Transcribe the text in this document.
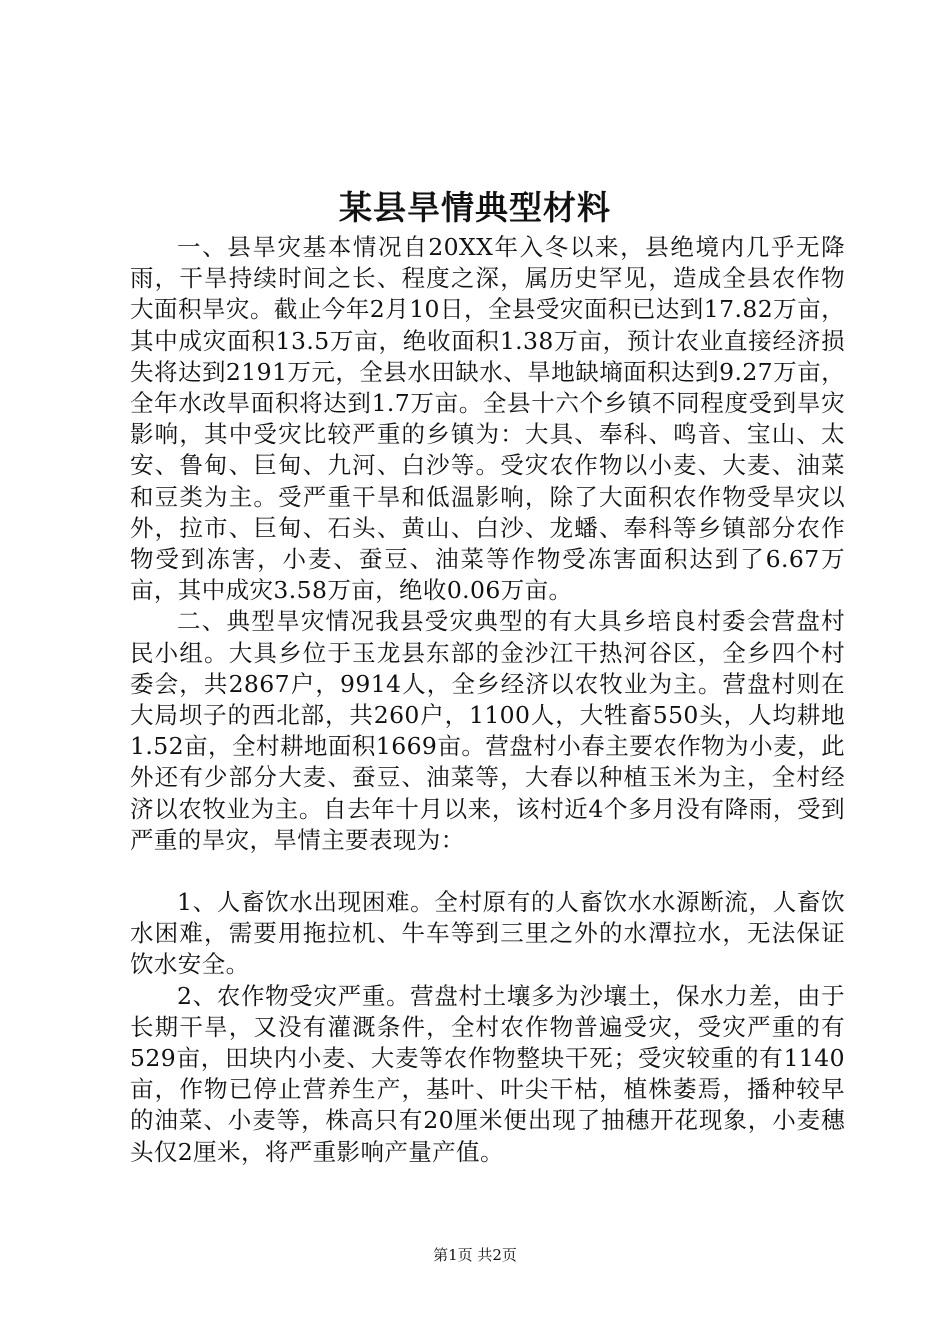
某县旱情典型材料

一、县旱灾基本情况自20XX年入冬以来，县绝境内几乎无降雨，干旱持续时间之长、程度之深，属历史罕见，造成全县农作物大面积旱灾。截止今年2月10日，全县受灾面积已达到17.82万亩，其中成灾面积13.5万亩，绝收面积1.38万亩，预计农业直接经济损失将达到2191万元，全县水田缺水、旱地缺墒面积达到9.27万亩，全年水改旱面积将达到1.7万亩。全县十六个乡镇不同程度受到旱灾影响，其中受灾比较严重的乡镇为：大具、奉科、鸣音、宝山、太安、鲁甸、巨甸、九河、白沙等。受灾农作物以小麦、大麦、油菜和豆类为主。受严重干旱和低温影响，除了大面积农作物受旱灾以外，拉市、巨甸、石头、黄山、白沙、龙蟠、奉科等乡镇部分农作物受到冻害，小麦、蚕豆、油菜等作物受冻害面积达到了6.67万亩，其中成灾3.58万亩，绝收0.06万亩。

二、典型旱灾情况我县受灾典型的有大具乡培良村委会营盘村民小组。大具乡位于玉龙县东部的金沙江干热河谷区，全乡四个村委会，共2867户，9914人，全乡经济以农牧业为主。营盘村则在大局坝子的西北部，共260户，1100人，大牲畜550头，人均耕地1.52亩，全村耕地面积1669亩。营盘村小春主要农作物为小麦，此外还有少部分大麦、蚕豆、油菜等，大春以种植玉米为主，全村经济以农牧业为主。自去年十月以来，该村近4个多月没有降雨，受到严重的旱灾，旱情主要表现为：

1、人畜饮水出现困难。全村原有的人畜饮水水源断流，人畜饮水困难，需要用拖拉机、牛车等到三里之外的水潭拉水，无法保证饮水安全。

2、农作物受灾严重。营盘村土壤多为沙壤土，保水力差，由于长期干旱，又没有灌溉条件，全村农作物普遍受灾，受灾严重的有529亩，田块内小麦、大麦等农作物整块干死；受灾较重的有1140亩，作物已停止营养生产，基叶、叶尖干枯，植株萎焉，播种较早的油菜、小麦等，株高只有20厘米便出现了抽穗开花现象，小麦穗头仅2厘米，将严重影响产量产值。

第1页 共2页
